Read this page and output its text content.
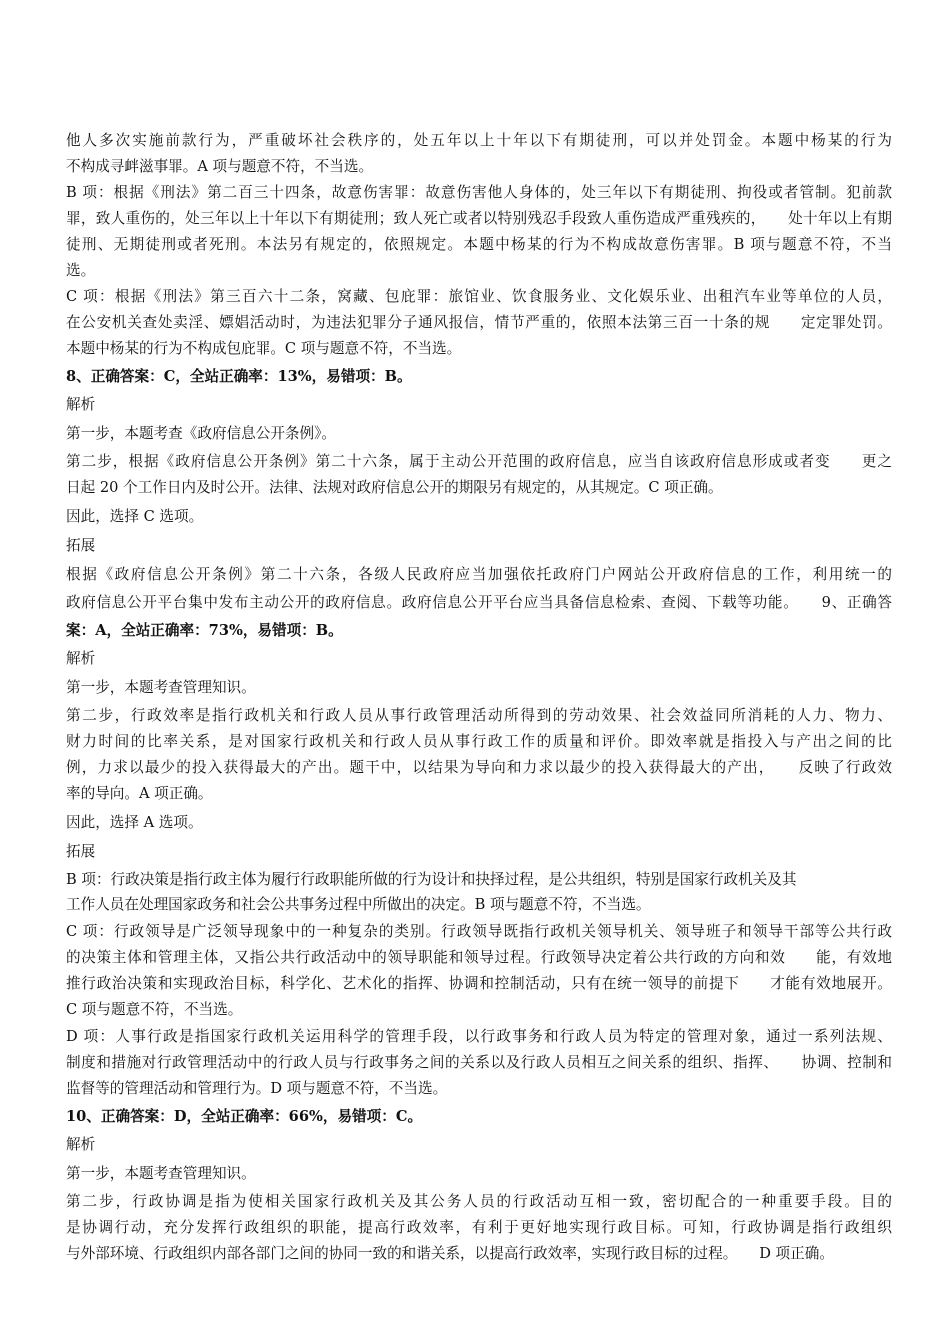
他人多次实施前款行为，严重破坏社会秩序的，处五年以上十年以下有期徒刑，可以并处罚金。本题中杨某的行为
不构成寻衅滋事罪。A 项与题意不符，不当选。
B 项：根据《刑法》第二百三十四条，故意伤害罪：故意伤害他人身体的，处三年以下有期徒刑、拘役或者管制。犯前款
罪，致人重伤的，处三年以上十年以下有期徒刑；致人死亡或者以特别残忍手段致人重伤造成严重残疾的，　　处十年以上有期
徒刑、无期徒刑或者死刑。本法另有规定的，依照规定。本题中杨某的行为不构成故意伤害罪。B 项与题意不符，不当
选。
C 项：根据《刑法》第三百六十二条，窝藏、包庇罪：旅馆业、饮食服务业、文化娱乐业、出租汽车业等单位的人员，
在公安机关查处卖淫、嫖娼活动时，为违法犯罪分子通风报信，情节严重的，依照本法第三百一十条的规　　定定罪处罚。
本题中杨某的行为不构成包庇罪。C 项与题意不符，不当选。
8、正确答案：C，全站正确率：13%，易错项：B。
解析
第一步，本题考查《政府信息公开条例》。
第二步，根据《政府信息公开条例》第二十六条，属于主动公开范围的政府信息，应当自该政府信息形成或者变　　更之
日起 20 个工作日内及时公开。法律、法规对政府信息公开的期限另有规定的，从其规定。C 项正确。
因此，选择 C 选项。
拓展
根据《政府信息公开条例》第二十六条，各级人民政府应当加强依托政府门户网站公开政府信息的工作，利用统一的
政府信息公开平台集中发布主动公开的政府信息。政府信息公开平台应当具备信息检索、查阅、下载等功能。　　9、正确答
案：A，全站正确率：73%，易错项：B。
解析
第一步，本题考查管理知识。
第二步，行政效率是指行政机关和行政人员从事行政管理活动所得到的劳动效果、社会效益同所消耗的人力、物力、
财力时间的比率关系，是对国家行政机关和行政人员从事行政工作的质量和评价。即效率就是指投入与产出之间的比
例，力求以最少的投入获得最大的产出。题干中，以结果为导向和力求以最少的投入获得最大的产出，　　反映了行政效
率的导向。A 项正确。
因此，选择 A 选项。
拓展
B 项：行政决策是指行政主体为履行行政职能所做的行为设计和抉择过程，是公共组织，特别是国家行政机关及其
工作人员在处理国家政务和社会公共事务过程中所做出的决定。B 项与题意不符，不当选。
C 项：行政领导是广泛领导现象中的一种复杂的类别。行政领导既指行政机关领导机关、领导班子和领导干部等公共行政
的决策主体和管理主体，又指公共行政活动中的领导职能和领导过程。行政领导决定着公共行政的方向和效　　能，有效地
推行政治决策和实现政治目标，科学化、艺术化的指挥、协调和控制活动，只有在统一领导的前提下　　才能有效地展开。
C 项与题意不符，不当选。
D 项：人事行政是指国家行政机关运用科学的管理手段，以行政事务和行政人员为特定的管理对象，通过一系列法规、
制度和措施对行政管理活动中的行政人员与行政事务之间的关系以及行政人员相互之间关系的组织、指挥、　　协调、控制和
监督等的管理活动和管理行为。D 项与题意不符，不当选。
10、正确答案：D，全站正确率：66%，易错项：C。
解析
第一步，本题考查管理知识。
第二步，行政协调是指为使相关国家行政机关及其公务人员的行政活动互相一致，密切配合的一种重要手段。目的
是协调行动，充分发挥行政组织的职能，提高行政效率，有利于更好地实现行政目标。可知，行政协调是指行政组织
与外部环境、行政组织内部各部门之间的协同一致的和谐关系，以提高行政效率，实现行政目标的过程。　　D 项正确。
